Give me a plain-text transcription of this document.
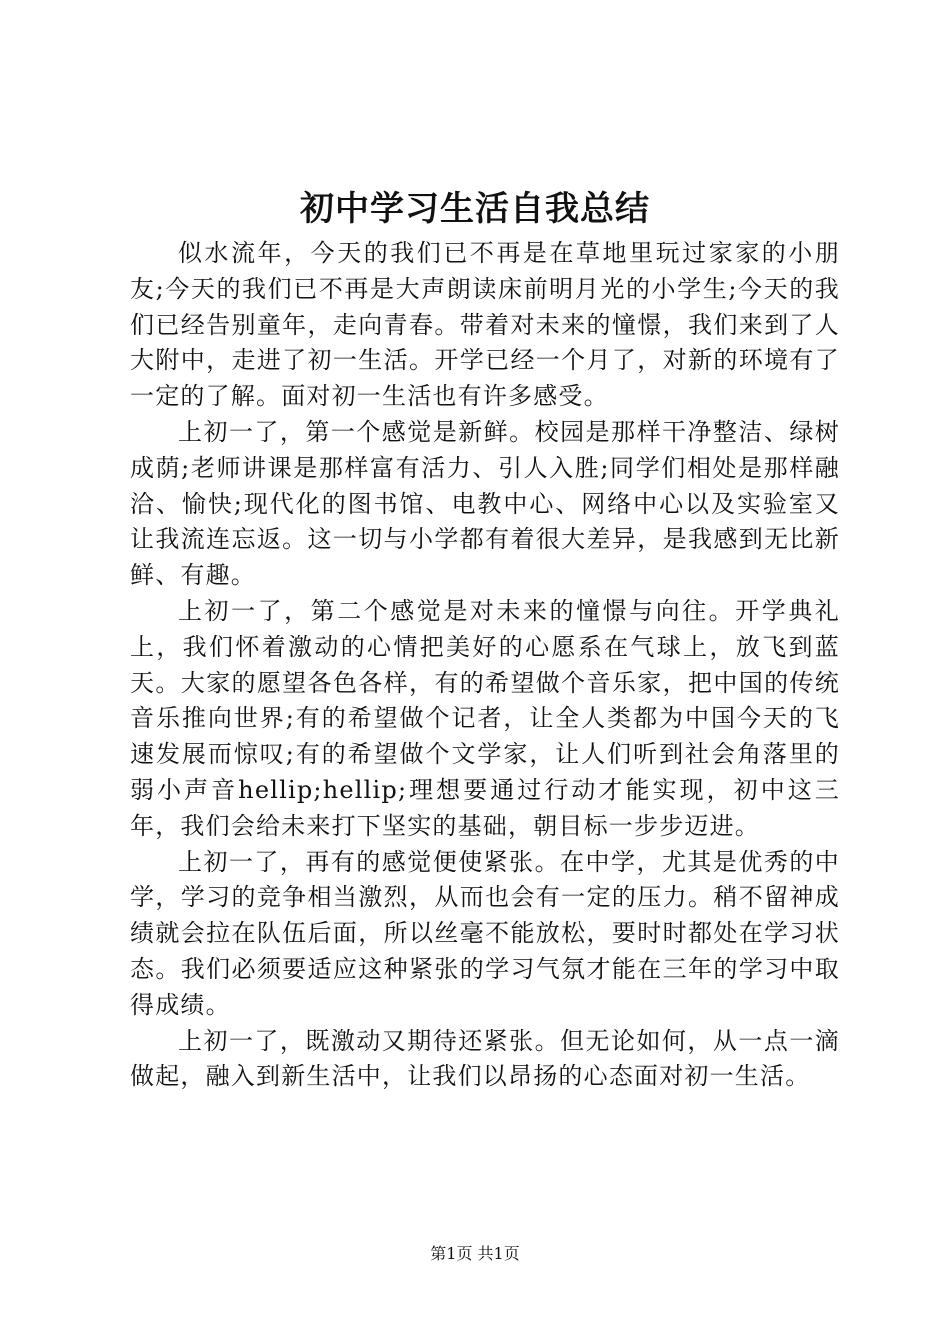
初中学习生活自我总结

似水流年，今天的我们已不再是在草地里玩过家家的小朋友;今天的我们已不再是大声朗读床前明月光的小学生;今天的我们已经告别童年，走向青春。带着对未来的憧憬，我们来到了人大附中，走进了初一生活。开学已经一个月了，对新的环境有了一定的了解。面对初一生活也有许多感受。

上初一了，第一个感觉是新鲜。校园是那样干净整洁、绿树成荫;老师讲课是那样富有活力、引人入胜;同学们相处是那样融洽、愉快;现代化的图书馆、电教中心、网络中心以及实验室又让我流连忘返。这一切与小学都有着很大差异，是我感到无比新鲜、有趣。

上初一了，第二个感觉是对未来的憧憬与向往。开学典礼上，我们怀着激动的心情把美好的心愿系在气球上，放飞到蓝天。大家的愿望各色各样，有的希望做个音乐家，把中国的传统音乐推向世界;有的希望做个记者，让全人类都为中国今天的飞速发展而惊叹;有的希望做个文学家，让人们听到社会角落里的弱小声音hellip;hellip;理想要通过行动才能实现，初中这三年，我们会给未来打下坚实的基础，朝目标一步步迈进。

上初一了，再有的感觉便使紧张。在中学，尤其是优秀的中学，学习的竞争相当激烈，从而也会有一定的压力。稍不留神成绩就会拉在队伍后面，所以丝毫不能放松，要时时都处在学习状态。我们必须要适应这种紧张的学习气氛才能在三年的学习中取得成绩。

上初一了，既激动又期待还紧张。但无论如何，从一点一滴做起，融入到新生活中，让我们以昂扬的心态面对初一生活。

第1页 共1页
